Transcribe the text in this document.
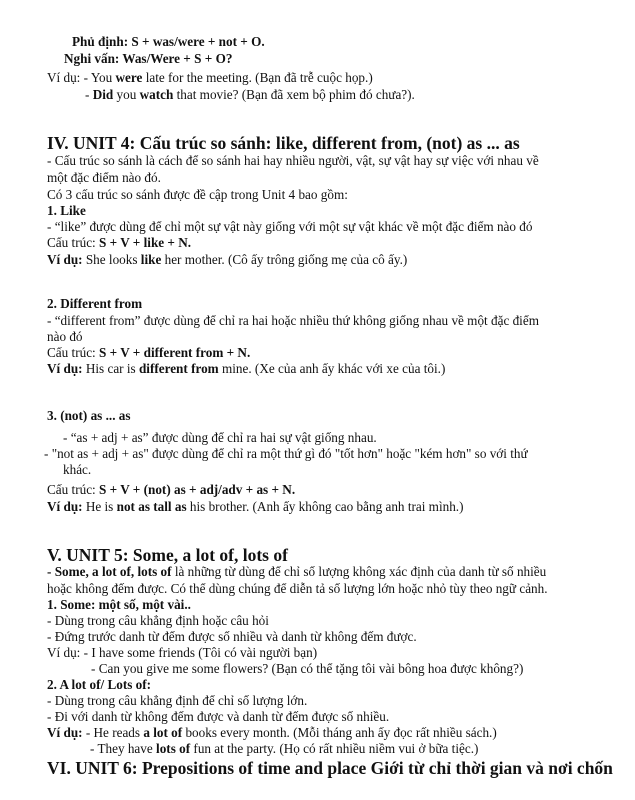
Phủ định: S + was/were + not + O.
Nghi vấn: Was/Were + S + O?
Ví dụ: - You were late for the meeting. (Bạn đã trễ cuộc họp.)
- Did you watch that movie? (Bạn đã xem bộ phim đó chưa?).
IV. UNIT 4: Cấu trúc so sánh: like, different from, (not) as ... as
- Cấu trúc so sánh là cách để so sánh hai hay nhiều người, vật, sự vật hay sự việc với nhau về
một đặc điểm nào đó.
Có 3 cấu trúc so sánh được đề cập trong Unit 4 bao gồm:
1. Like
- “like” được dùng để chỉ một sự vật này giống với một sự vật khác về một đặc điểm nào đó
Cấu trúc: S + V + like + N.
Ví dụ: She looks like her mother. (Cô ấy trông giống mẹ của cô ấy.)
2. Different from
- “different from” được dùng để chỉ ra hai hoặc nhiều thứ không giống nhau về một đặc điểm
nào đó
Cấu trúc: S + V + different from + N.
Ví dụ: His car is different from mine. (Xe của anh ấy khác với xe của tôi.)
3. (not) as ... as
- “as + adj + as” được dùng để chỉ ra hai sự vật giống nhau.
- "not as + adj + as" được dùng để chỉ ra một thứ gì đó "tốt hơn" hoặc "kém hơn" so với thứ
khác.
Cấu trúc: S + V + (not) as + adj/adv + as + N.
Ví dụ: He is not as tall as his brother. (Anh ấy không cao bằng anh trai mình.)
V. UNIT 5: Some, a lot of, lots of
- Some, a lot of, lots of là những từ dùng để chỉ số lượng không xác định của danh từ số nhiều
hoặc không đếm được. Có thể dùng chúng để diễn tả số lượng lớn hoặc nhỏ tùy theo ngữ cảnh.
1. Some: một số, một vài..
- Dùng trong câu khẳng định hoặc câu hỏi
- Đứng trước danh từ đếm được số nhiều và danh từ không đếm được.
Ví dụ: - I have some friends (Tôi có vài người bạn)
- Can you give me some flowers? (Bạn có thể tặng tôi vài bông hoa được không?)
2. A lot of/ Lots of:
- Dùng trong câu khẳng định để chỉ số lượng lớn.
- Đi với danh từ không đếm được và danh từ đếm được số nhiều.
Ví dụ: - He reads a lot of books every month. (Mỗi tháng anh ấy đọc rất nhiều sách.)
- They have lots of fun at the party. (Họ có rất nhiều niềm vui ở bữa tiệc.)
VI. UNIT 6: Prepositions of time and place Giới từ chỉ thời gian và nơi chốn
